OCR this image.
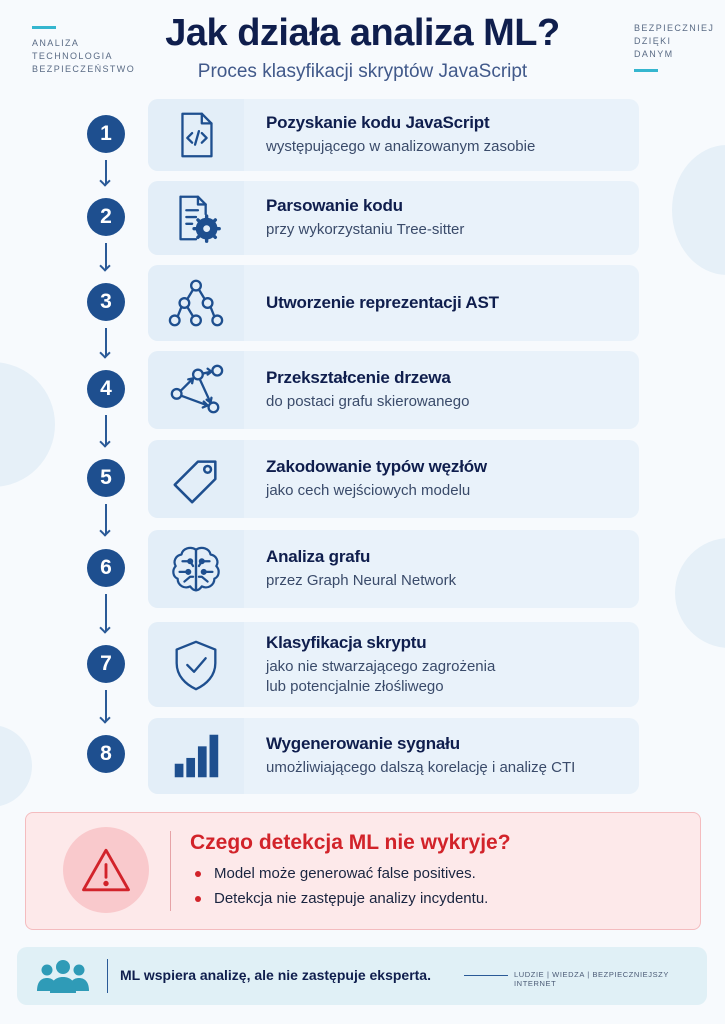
ANALIZA
TECHNOLOGIA
BEZPIECZEŃSTWO
BEZPIECZNIEJ
DZIĘKI
DANYM
Jak działa analiza ML?
Proces klasyfikacji skryptów JavaScript
1
2
3
4
5
6
7
8
Pozyskanie kodu JavaScript
występującego w analizowanym zasobie
Parsowanie kodu
przy wykorzystaniu Tree-sitter
Utworzenie reprezentacji AST
Przekształcenie drzewa
do postaci grafu skierowanego
Zakodowanie typów węzłów
jako cech wejściowych modelu
Analiza grafu
przez Graph Neural Network
Klasyfikacja skryptu
jako nie stwarzającego zagrożenia
lub potencjalnie złośliwego
Wygenerowanie sygnału
umożliwiającego dalszą korelację i analizę CTI
Czego detekcja ML nie wykryje?
Model może generować false positives.
Detekcja nie zastępuje analizy incydentu.
ML wspiera analizę, ale nie zastępuje eksperta.	LUDZIE | WIEDZA | BEZPIECZNIEJSZY INTERNET
